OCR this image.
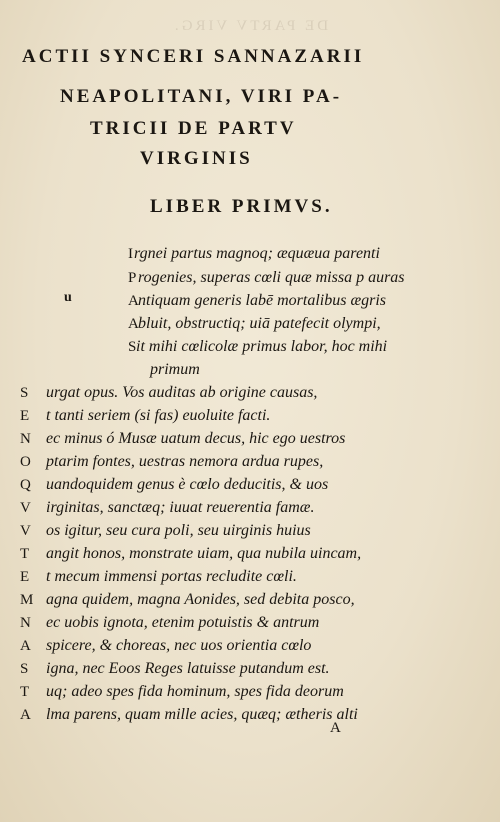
DE PARTV VIRG.
ACTII SYNCERI SANNAZARII
NEAPOLITANI, VIRI PA-
TRICII DE PARTV
VIRGINIS
LIBER PRIMVS.
u
Irgnei partus magnoq; æquæua parenti
P rogenies, superas cœli quæ missa p auras
Antiquam generis labē mortalibus ægris
Abluit, obstructiq; uiā patefecit olympi,
Sit mihi cœlicolæ primus labor, hoc mihi
primum
S urgat opus. Vos auditas ab origine causas,
E t tanti seriem (si fas) euoluite facti.
N ec minus ó Musæ uatum decus, hic ego uestros
O ptarim fontes, uestras nemora ardua rupes,
Q uandoquidem genus è cœlo deducitis, & uos
V irginitas, sanctæq; iuuat reuerentia famæ.
V os igitur, seu cura poli, seu uirginis huius
T angit honos, monstrate uiam, qua nubila uincam,
E t mecum immensi portas recludite cœli.
M agna quidem, magna Aonides, sed debita poscο,
N ec uobis ignota, etenim potuistis & antrum
A spicere, & choreas, nec uos orientia cœlo
S igna, nec Eoos Reges latuisse putandum est.
T uq; adeo spes fida hominum, spes fida deorum
A lma parens, quam mille acies, quæq; ætheris alti
A
